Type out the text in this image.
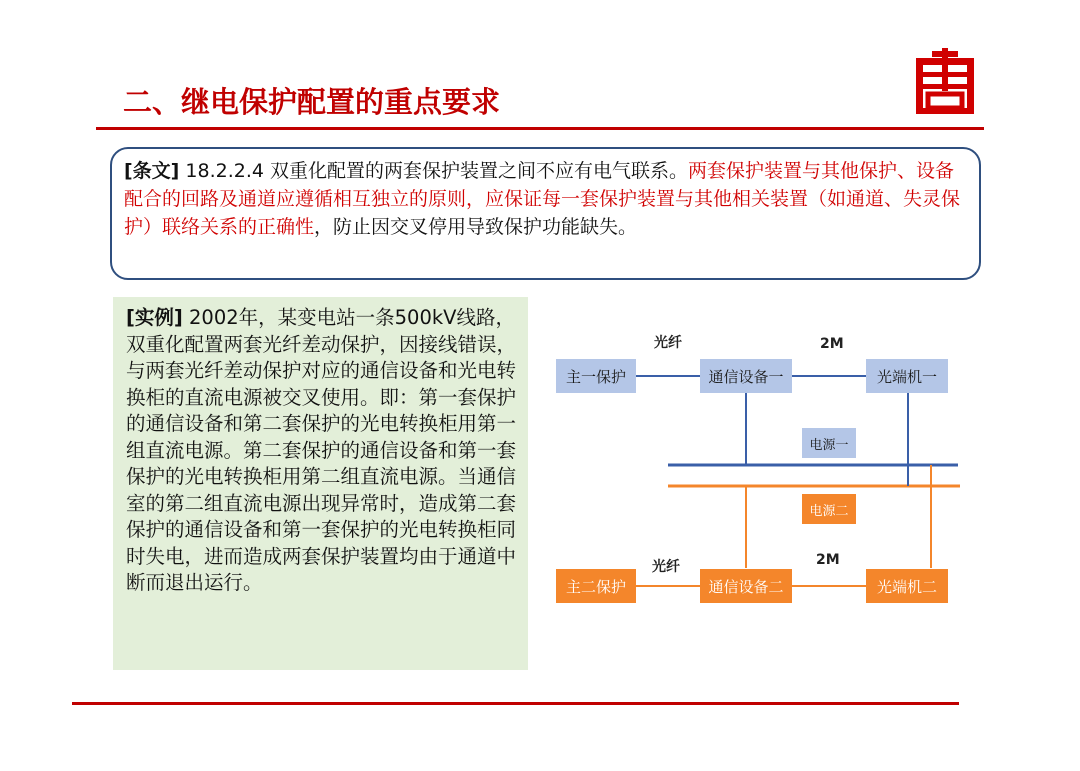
二、继电保护配置的重点要求
[条文] 18.2.2.4 双重化配置的两套保护装置之间不应有电气联系。两套保护装置与其他保护、设备配合的回路及通道应遵循相互独立的原则，应保证每一套保护装置与其他相关装置（如通道、失灵保护）联络关系的正确性，防止因交叉停用导致保护功能缺失。
[实例] 2002年，某变电站一条500kV线路，双重化配置两套光纤差动保护，因接线错误，与两套光纤差动保护对应的通信设备和光电转换柜的直流电源被交叉使用。即：第一套保护的通信设备和第二套保护的光电转换柜用第一组直流电源。第二套保护的通信设备和第一套保护的光电转换柜用第二组直流电源。当通信室的第二组直流电源出现异常时，造成第二套保护的通信设备和第一套保护的光电转换柜同时失电，进而造成两套保护装置均由于通道中断而退出运行。
主一保护	通信设备一	光端机一
电源一
电源二
主二保护	通信设备二	光端机二
光纤	2M
光纤	2M
